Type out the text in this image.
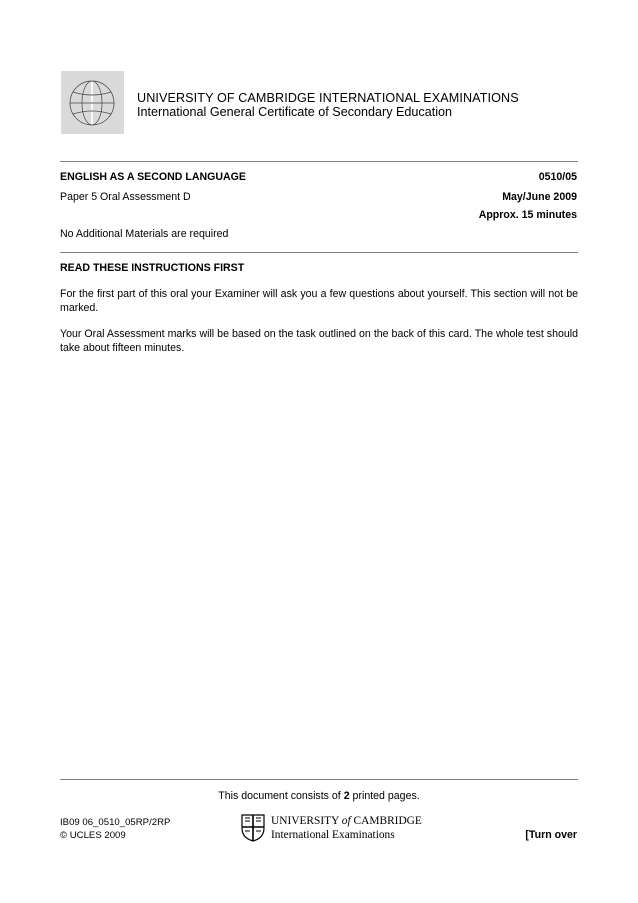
UNIVERSITY OF CAMBRIDGE INTERNATIONAL EXAMINATIONS
International General Certificate of Secondary Education
ENGLISH AS A SECOND LANGUAGE	0510/05
Paper 5 Oral Assessment D	May/June 2009
Approx. 15 minutes
No Additional Materials are required
READ THESE INSTRUCTIONS FIRST
For the first part of this oral your Examiner will ask you a few questions about yourself. This section will not be marked.
Your Oral Assessment marks will be based on the task outlined on the back of this card. The whole test should take about fifteen minutes.
This document consists of 2 printed pages.
IB09 06_0510_05RP/2RP
© UCLES 2009
UNIVERSITY of CAMBRIDGE
International Examinations	[Turn over
